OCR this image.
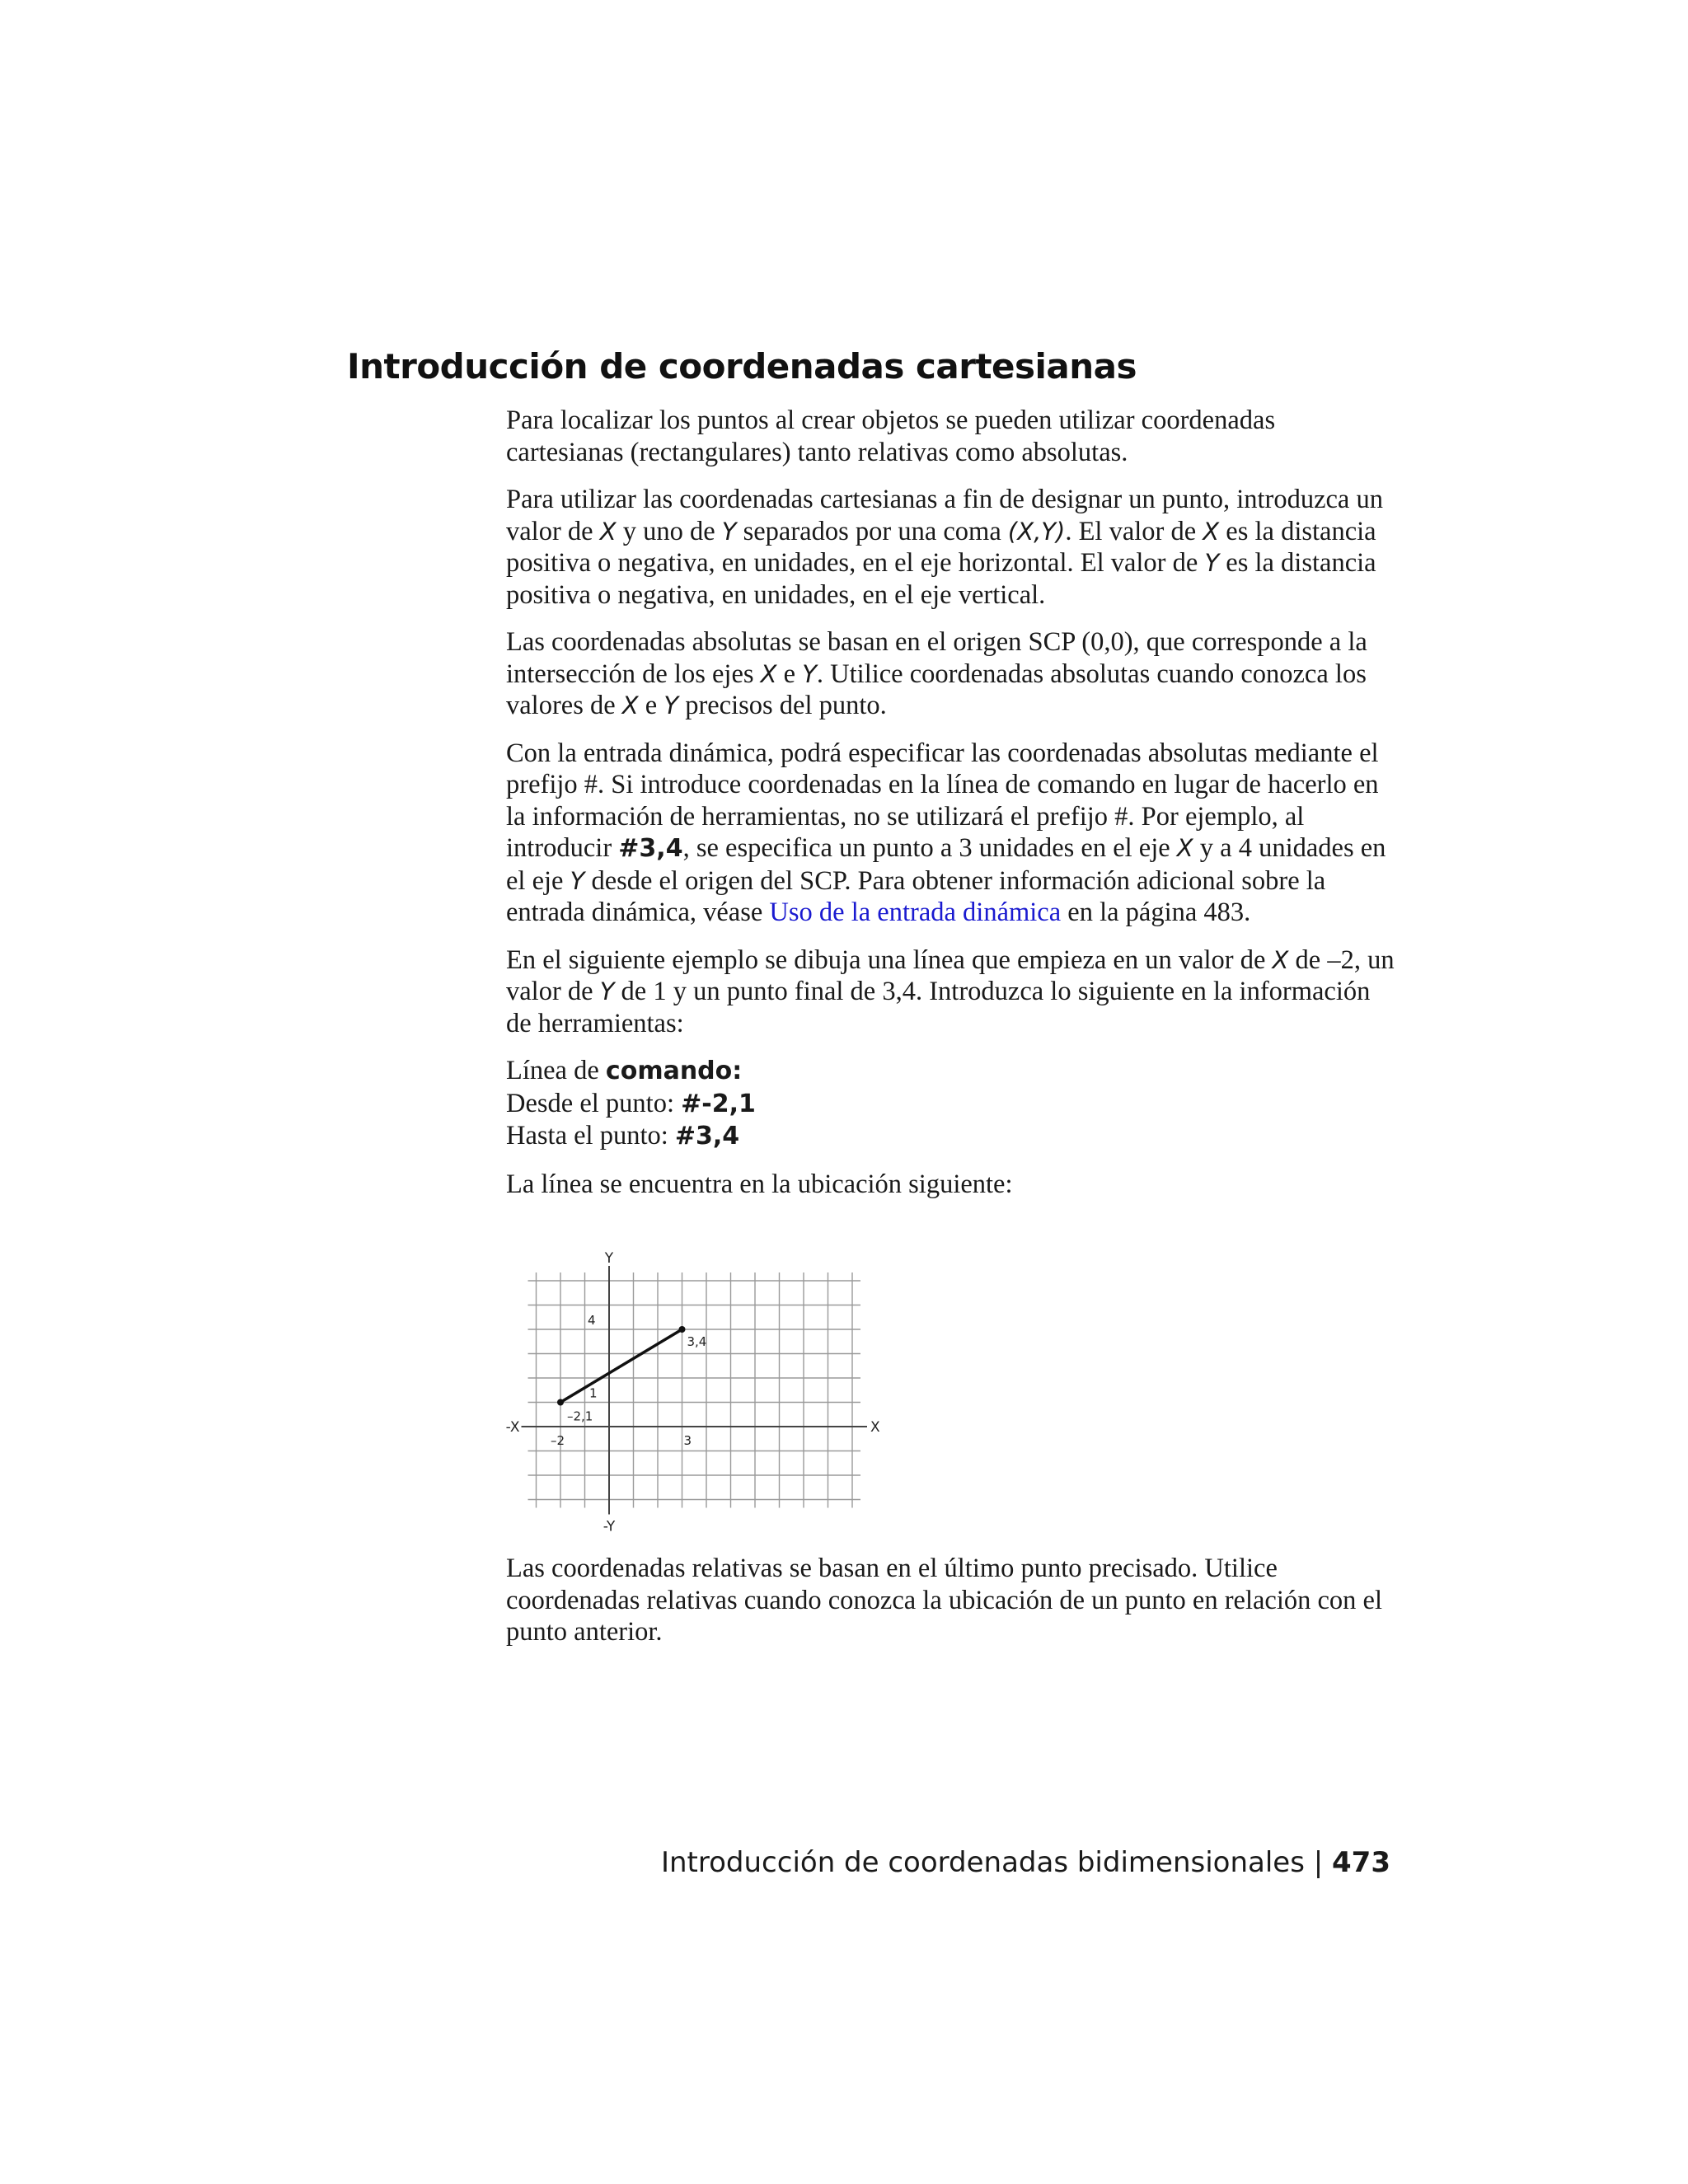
Introducción de coordenadas cartesianas

Para localizar los puntos al crear objetos se pueden utilizar coordenadas cartesianas (rectangulares) tanto relativas como absolutas.

Para utilizar las coordenadas cartesianas a fin de designar un punto, introduzca un valor de X y uno de Y separados por una coma (X,Y). El valor de X es la distancia positiva o negativa, en unidades, en el eje horizontal. El valor de Y es la distancia positiva o negativa, en unidades, en el eje vertical.

Las coordenadas absolutas se basan en el origen SCP (0,0), que corresponde a la intersección de los ejes X e Y. Utilice coordenadas absolutas cuando conozca los valores de X e Y precisos del punto.

Con la entrada dinámica, podrá especificar las coordenadas absolutas mediante el prefijo #. Si introduce coordenadas en la línea de comando en lugar de hacerlo en la información de herramientas, no se utilizará el prefijo #. Por ejemplo, al introducir #3,4, se especifica un punto a 3 unidades en el eje X y a 4 unidades en el eje Y desde el origen del SCP. Para obtener información adicional sobre la entrada dinámica, véase Uso de la entrada dinámica en la página 483.

En el siguiente ejemplo se dibuja una línea que empieza en un valor de X de –2, un valor de Y de 1 y un punto final de 3,4. Introduzca lo siguiente en la información de herramientas:

Línea de comando:

Desde el punto: #-2,1

Hasta el punto: #3,4

La línea se encuentra en la ubicación siguiente:

Y
-Y
X
-X
4
1
–2	3
–2,1
3,4

Las coordenadas relativas se basan en el último punto precisado. Utilice coordenadas relativas cuando conozca la ubicación de un punto en relación con el punto anterior.

Introducción de coordenadas bidimensionales | 473
